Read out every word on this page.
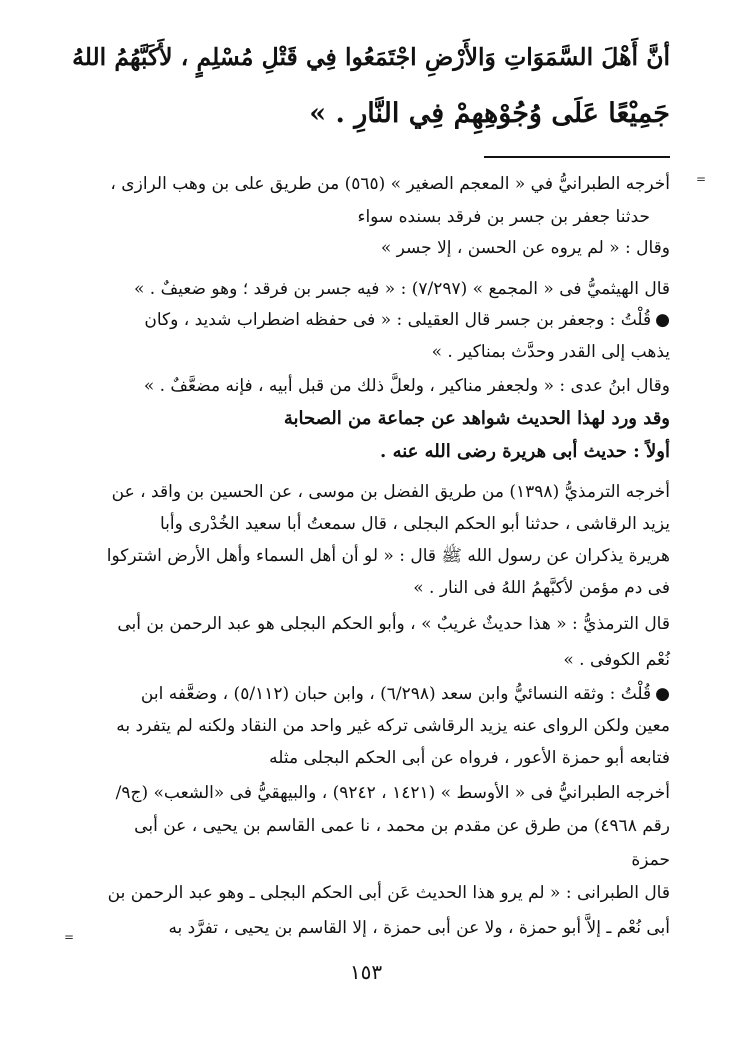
أنَّ أَهْلَ السَّمَوَاتِ وَالأَرْضِ اجْتَمَعُوا فِي قَتْلِ مُسْلِمٍ ، لأَكَبَّهُمُ اللهُ
جَمِيْعًا عَلَى وُجُوْهِهِمْ فِي النَّارِ . »
=
أخرجه الطبرانيُّ في « المعجم الصغير » (٥٦٥) من طريق على بن وهب الرازى ،
حدثنا جعفر بن جسر بن فرقد بسنده سواء
وقال : « لم يروه عن الحسن ، إلا جسر »
قال الهيثميُّ فى « المجمع » (٧/٢٩٧) : « فيه جسر بن فرقد ؛ وهو ضعيفٌ . »
●قُلْتُ : وجعفر بن جسر قال العقيلى : « فى حفظه اضطراب شديد ، وكان
يذهب إلى القدر وحدَّث بمناكير . »
وقال ابنُ عدى : « ولجعفر مناكير ، ولعلَّ ذلك من قبل أبيه ، فإنه مضعَّفٌ . »
وقد ورد لهذا الحديث شواهد عن جماعة من الصحابة
أولاً : حديث أبى هريرة رضى الله عنه .
أخرجه الترمذيُّ (١٣٩٨) من طريق الفضل بن موسى ، عن الحسين بن واقد ، عن
يزيد الرقاشى ، حدثنا أبو الحكم البجلى ، قال سمعتُ أبا سعيد الخُدْرى وأبا
هريرة يذكران عن رسول الله ﷺ قال : « لو أن أهل السماء وأهل الأرض اشتركوا
فى دم مؤمن لأكبَّهمُ اللهُ فى النار . »
قال الترمذيُّ : « هذا حديثٌ غريبٌ » ، وأبو الحكم البجلى هو عبد الرحمن بن أبى
نُعْم الكوفى . »
●قُلْتُ : وثقه النسائيُّ وابن سعد (٦/٢٩٨) ، وابن حبان (٥/١١٢) ، وضعَّفه ابن
معين ولكن الرواى عنه يزيد الرقاشى تركه غير واحد من النقاد ولكنه لم يتفرد به
فتابعه أبو حمزة الأعور ، فرواه عن أبى الحكم البجلى مثله
أخرجه الطبرانيُّ فى « الأوسط » (١٤٢١ ، ٩٢٤٢) ، والبيهقيُّ فى «الشعب» (ج٩/
رقم ٤٩٦٨) من طرق عن مقدم بن محمد ، نا عمى القاسم بن يحيى ، عن أبى
حمزة
قال الطبرانى : « لم يرو هذا الحديث عَن أبى الحكم البجلى ـ وهو عبد الرحمن بن
أبى نُعْم ـ إلاَّ أبو حمزة ، ولا عن أبى حمزة ، إلا القاسم بن يحيى ، تفرَّد به
=
١٥٣
